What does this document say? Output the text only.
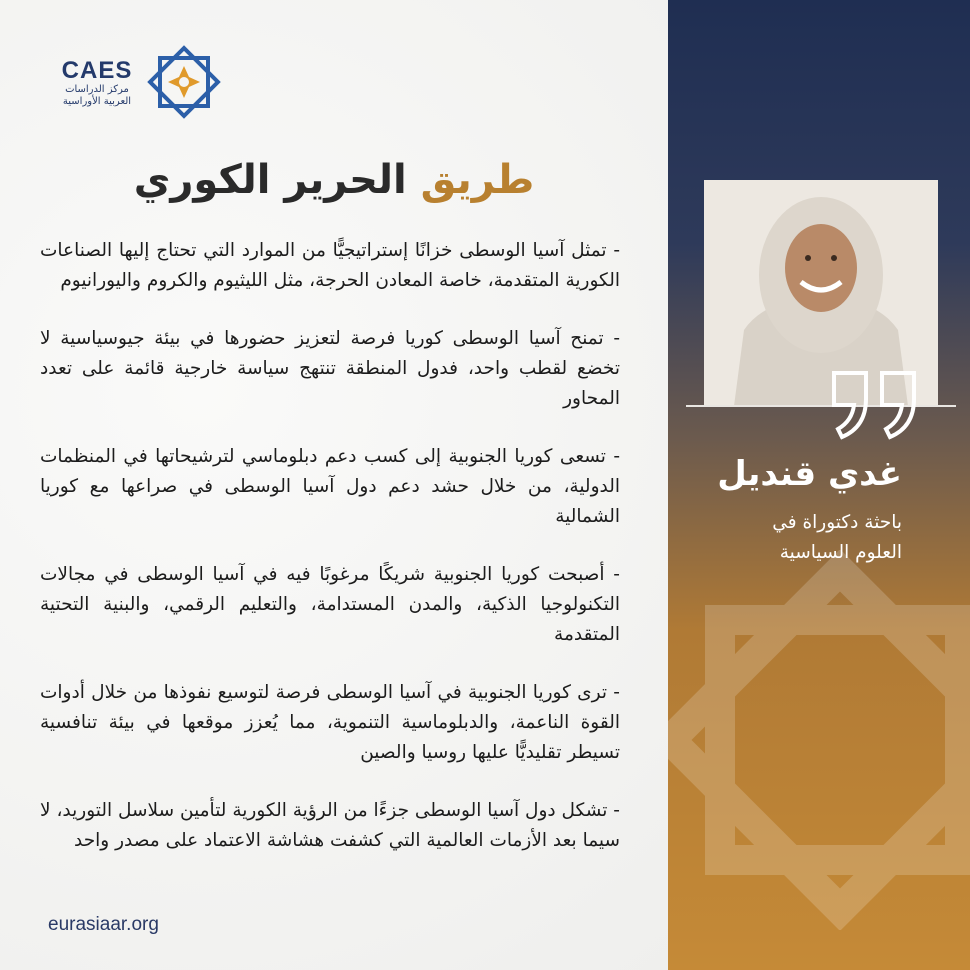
CAES
مركز الدراسات
العربية الأوراسية
طريق الحرير الكوري

- تمثل آسيا الوسطى خزانًا إستراتيجيًّا من الموارد التي تحتاج إليها الصناعات الكورية المتقدمة، خاصة المعادن الحرجة، مثل الليثيوم والكروم واليورانيوم

- تمنح آسيا الوسطى كوريا فرصة لتعزيز حضورها في بيئة جيوسياسية لا تخضع لقطب واحد، فدول المنطقة تنتهج سياسة خارجية قائمة على تعدد المحاور

- تسعى كوريا الجنوبية إلى كسب دعم دبلوماسي لترشيحاتها في المنظمات الدولية، من خلال حشد دعم دول آسيا الوسطى في صراعها مع كوريا الشمالية

- أصبحت كوريا الجنوبية شريكًا مرغوبًا فيه في آسيا الوسطى في مجالات التكنولوجيا الذكية، والمدن المستدامة، والتعليم الرقمي، والبنية التحتية المتقدمة

- ترى كوريا الجنوبية في آسيا الوسطى فرصة لتوسيع نفوذها من خلال أدوات القوة الناعمة، والدبلوماسية التنموية، مما يُعزز موقعها في بيئة تنافسية تسيطر تقليديًّا عليها روسيا والصين

- تشكل دول آسيا الوسطى جزءًا من الرؤية الكورية لتأمين سلاسل التوريد، لا سيما بعد الأزمات العالمية التي كشفت هشاشة الاعتماد على مصدر واحد

eurasiaar.org
غدي قنديل
باحثة دكتوراة في
العلوم السياسية
